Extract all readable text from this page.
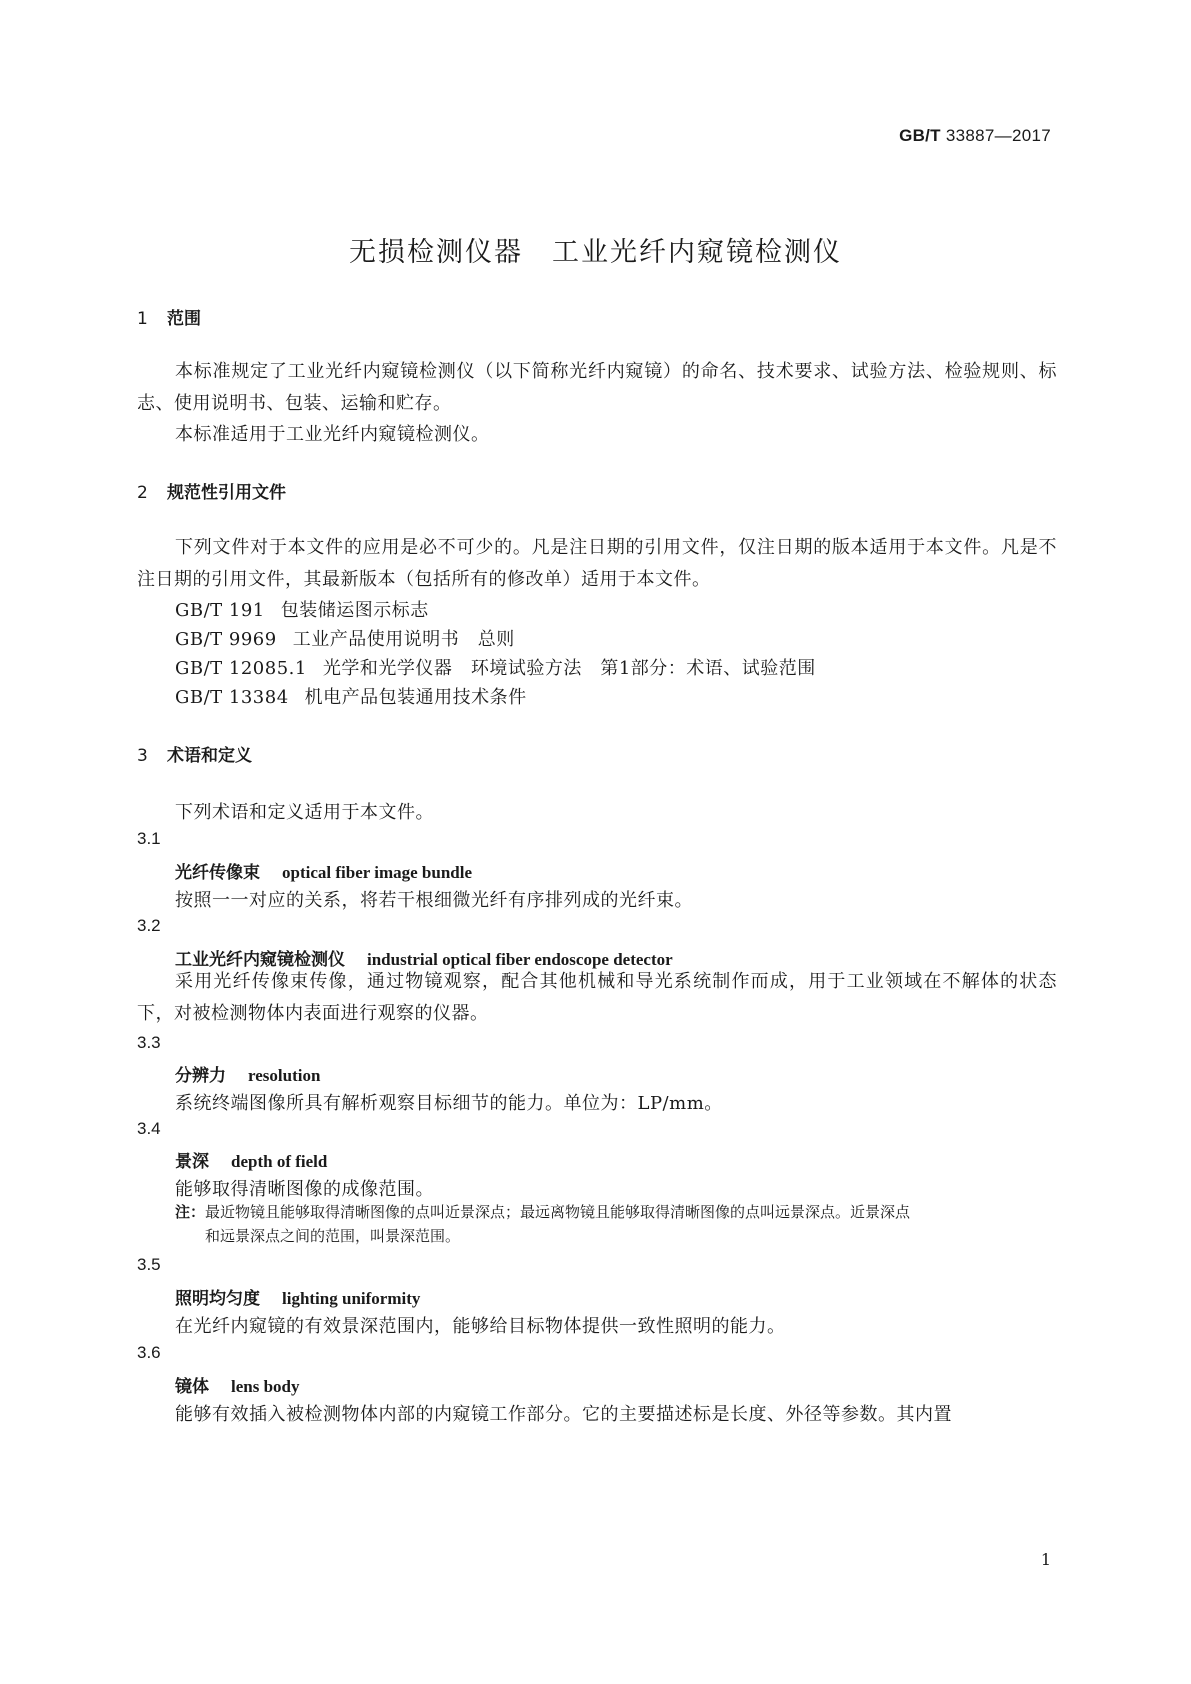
GB/T 33887—2017
无损检测仪器　工业光纤内窥镜检测仪
1 范围
本标准规定了工业光纤内窥镜检测仪（以下简称光纤内窥镜）的命名、技术要求、试验方法、检验规则、标志、使用说明书、包装、运输和贮存。
本标准适用于工业光纤内窥镜检测仪。
2 规范性引用文件
下列文件对于本文件的应用是必不可少的。凡是注日期的引用文件，仅注日期的版本适用于本文件。凡是不注日期的引用文件，其最新版本（包括所有的修改单）适用于本文件。
GB/T 191 包装储运图示标志
GB/T 9969 工业产品使用说明书　总则
GB/T 12085.1 光学和光学仪器　环境试验方法　第1部分：术语、试验范围
GB/T 13384 机电产品包装通用技术条件
3 术语和定义
下列术语和定义适用于本文件。
3.1
光纤传像束 optical fiber image bundle
按照一一对应的关系，将若干根细微光纤有序排列成的光纤束。
3.2
工业光纤内窥镜检测仪 industrial optical fiber endoscope detector
采用光纤传像束传像，通过物镜观察，配合其他机械和导光系统制作而成，用于工业领域在不解体的状态下，对被检测物体内表面进行观察的仪器。
3.3
分辨力 resolution
系统终端图像所具有解析观察目标细节的能力。单位为：LP/mm。
3.4
景深 depth of field
能够取得清晰图像的成像范围。
注：最近物镜且能够取得清晰图像的点叫近景深点；最远离物镜且能够取得清晰图像的点叫远景深点。近景深点
和远景深点之间的范围，叫景深范围。
3.5
照明均匀度 lighting uniformity
在光纤内窥镜的有效景深范围内，能够给目标物体提供一致性照明的能力。
3.6
镜体 lens body
能够有效插入被检测物体内部的内窥镜工作部分。它的主要描述标是长度、外径等参数。其内置
1
